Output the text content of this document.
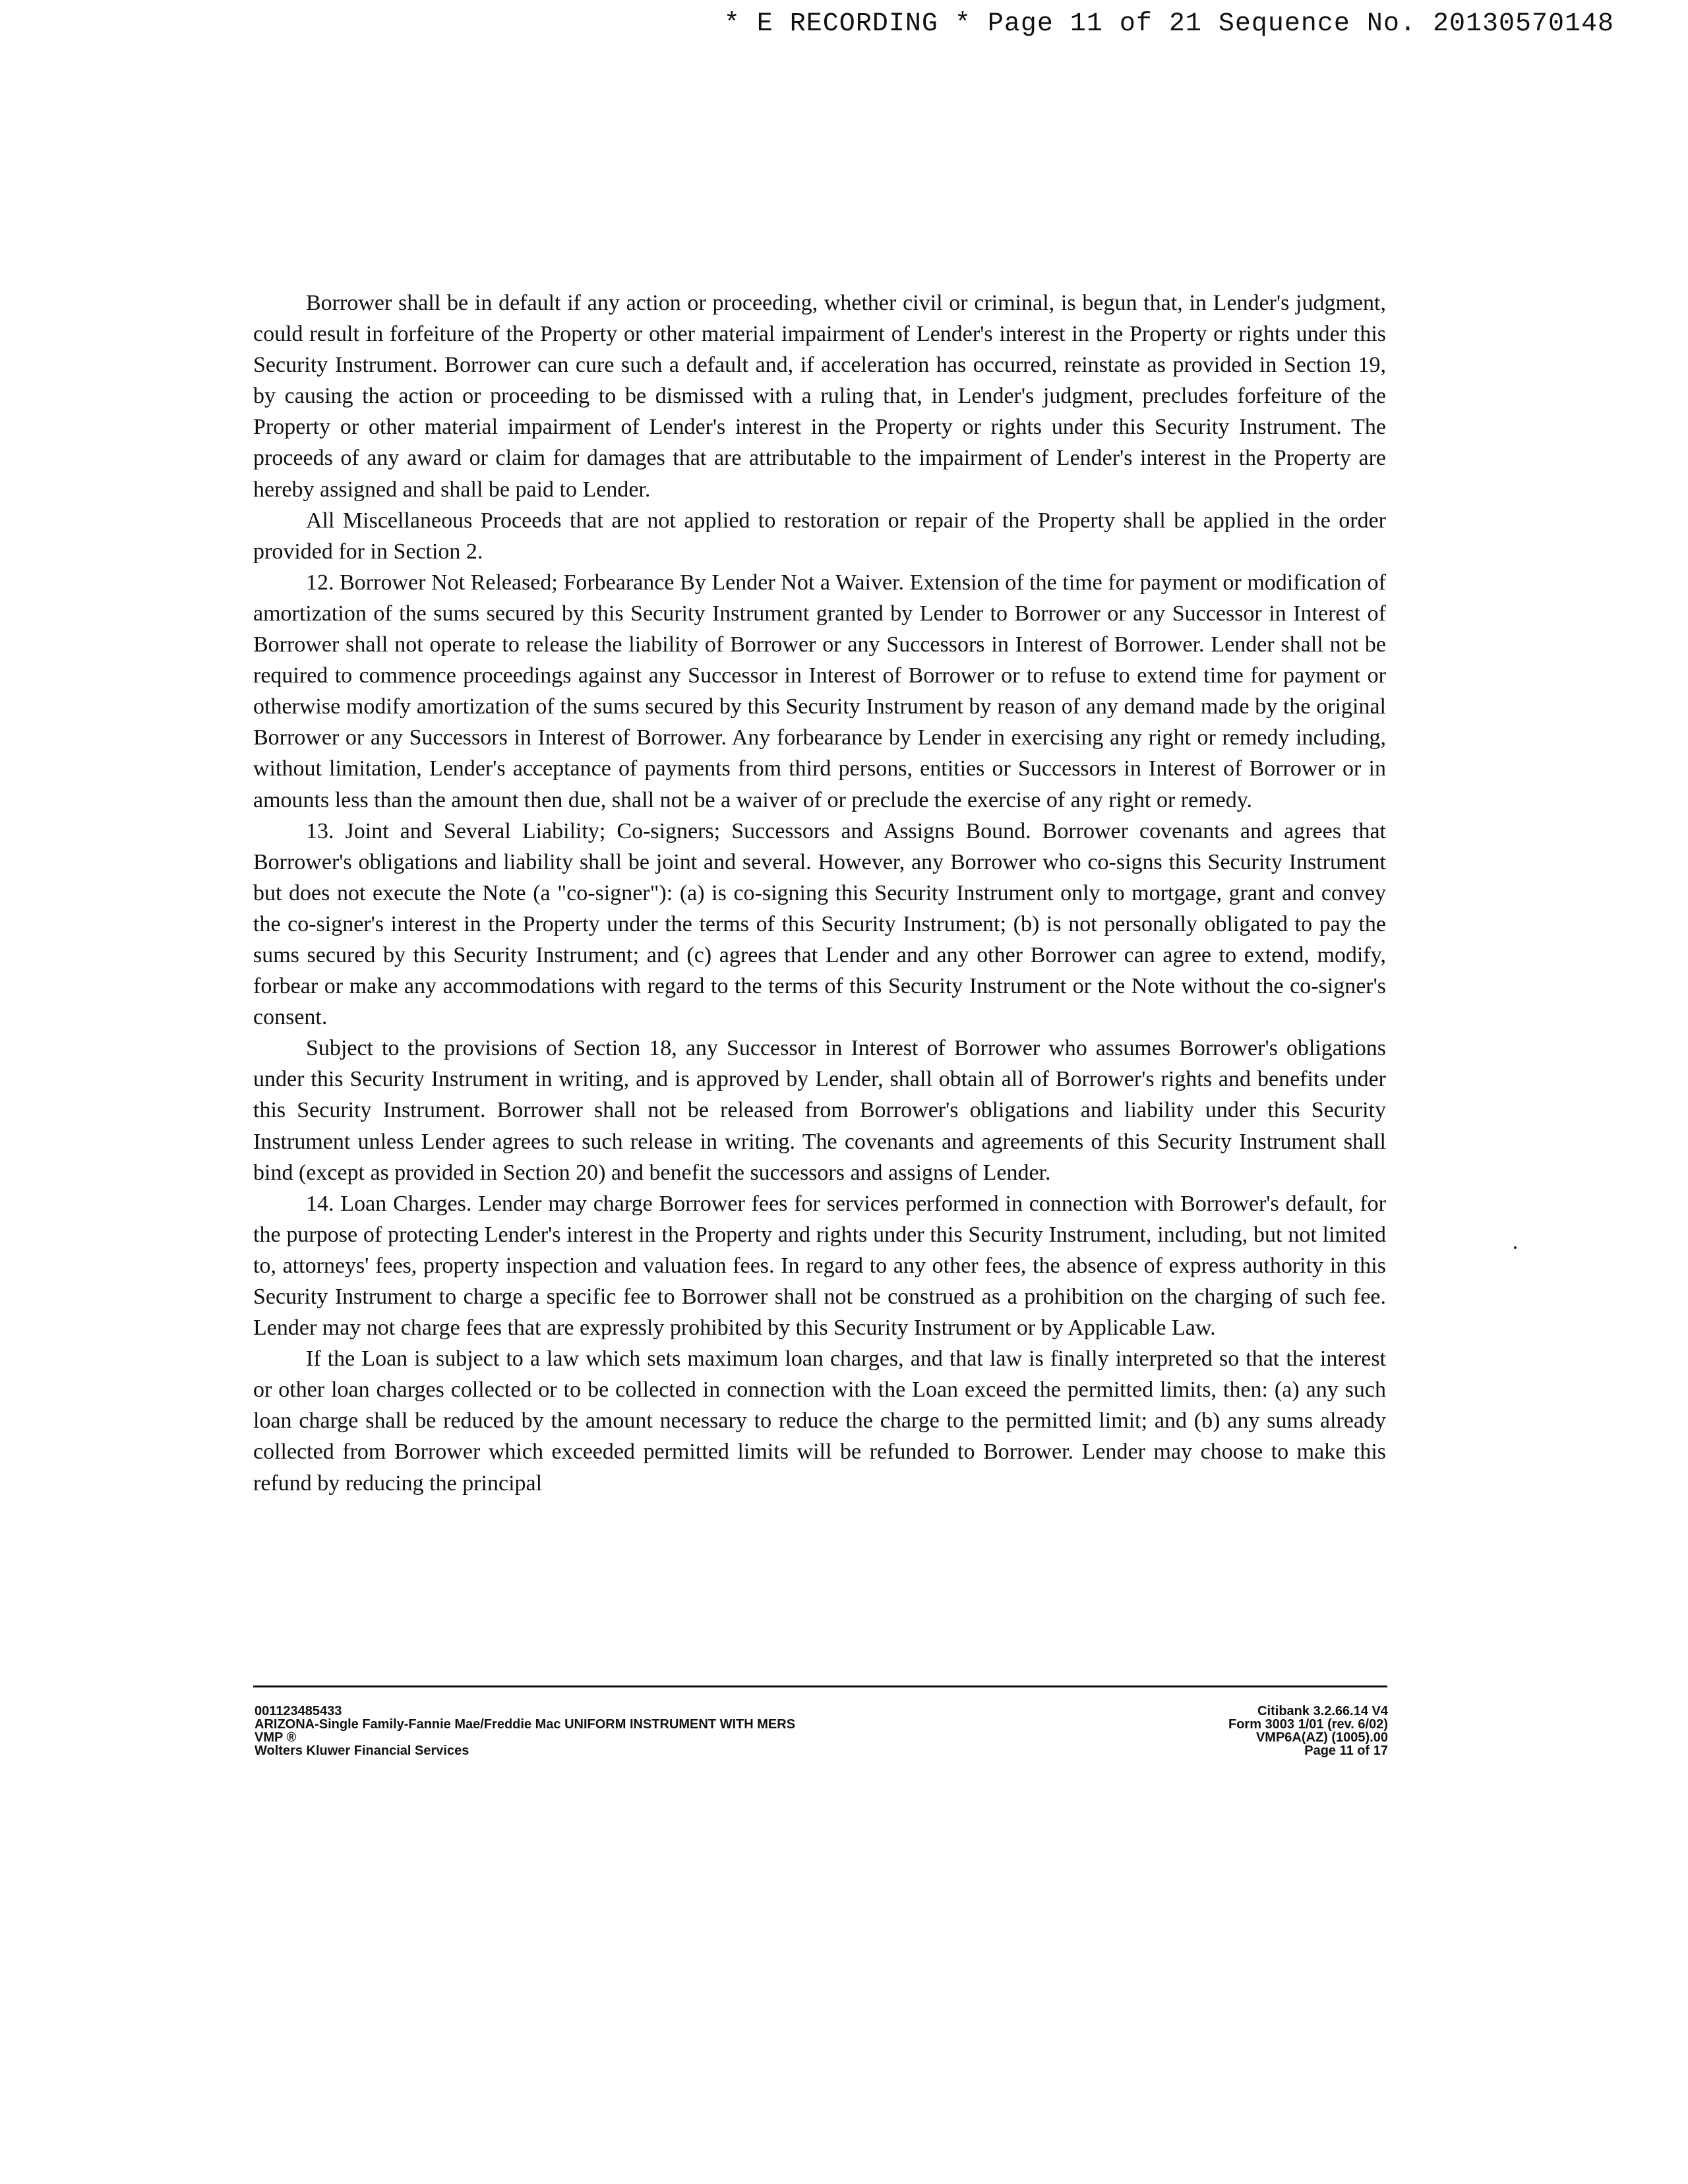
* E RECORDING * Page 11 of 21 Sequence No. 20130570148

Borrower shall be in default if any action or proceeding, whether civil or criminal, is begun that, in Lender's judgment, could result in forfeiture of the Property or other material impairment of Lender's interest in the Property or rights under this Security Instrument. Borrower can cure such a default and, if acceleration has occurred, reinstate as provided in Section 19, by causing the action or proceeding to be dismissed with a ruling that, in Lender's judgment, precludes forfeiture of the Property or other material impairment of Lender's interest in the Property or rights under this Security Instrument. The proceeds of any award or claim for damages that are attributable to the impairment of Lender's interest in the Property are hereby assigned and shall be paid to Lender.

All Miscellaneous Proceeds that are not applied to restoration or repair of the Property shall be applied in the order provided for in Section 2.

12. Borrower Not Released; Forbearance By Lender Not a Waiver. Extension of the time for payment or modification of amortization of the sums secured by this Security Instrument granted by Lender to Borrower or any Successor in Interest of Borrower shall not operate to release the liability of Borrower or any Successors in Interest of Borrower. Lender shall not be required to commence proceedings against any Successor in Interest of Borrower or to refuse to extend time for payment or otherwise modify amortization of the sums secured by this Security Instrument by reason of any demand made by the original Borrower or any Successors in Interest of Borrower. Any forbearance by Lender in exercising any right or remedy including, without limitation, Lender's acceptance of payments from third persons, entities or Successors in Interest of Borrower or in amounts less than the amount then due, shall not be a waiver of or preclude the exercise of any right or remedy.

13. Joint and Several Liability; Co-signers; Successors and Assigns Bound. Borrower covenants and agrees that Borrower's obligations and liability shall be joint and several. However, any Borrower who co-signs this Security Instrument but does not execute the Note (a "co-signer"): (a) is co-signing this Security Instrument only to mortgage, grant and convey the co-signer's interest in the Property under the terms of this Security Instrument; (b) is not personally obligated to pay the sums secured by this Security Instrument; and (c) agrees that Lender and any other Borrower can agree to extend, modify, forbear or make any accommodations with regard to the terms of this Security Instrument or the Note without the co-signer's consent.

Subject to the provisions of Section 18, any Successor in Interest of Borrower who assumes Borrower's obligations under this Security Instrument in writing, and is approved by Lender, shall obtain all of Borrower's rights and benefits under this Security Instrument. Borrower shall not be released from Borrower's obligations and liability under this Security Instrument unless Lender agrees to such release in writing. The covenants and agreements of this Security Instrument shall bind (except as provided in Section 20) and benefit the successors and assigns of Lender.

14. Loan Charges. Lender may charge Borrower fees for services performed in connection with Borrower's default, for the purpose of protecting Lender's interest in the Property and rights under this Security Instrument, including, but not limited to, attorneys' fees, property inspection and valuation fees. In regard to any other fees, the absence of express authority in this Security Instrument to charge a specific fee to Borrower shall not be construed as a prohibition on the charging of such fee. Lender may not charge fees that are expressly prohibited by this Security Instrument or by Applicable Law.

If the Loan is subject to a law which sets maximum loan charges, and that law is finally interpreted so that the interest or other loan charges collected or to be collected in connection with the Loan exceed the permitted limits, then: (a) any such loan charge shall be reduced by the amount necessary to reduce the charge to the permitted limit; and (b) any sums already collected from Borrower which exceeded permitted limits will be refunded to Borrower. Lender may choose to make this refund by reducing the principal

001123485433
ARIZONA-Single Family-Fannie Mae/Freddie Mac UNIFORM INSTRUMENT WITH MERS
VMP ®
Wolters Kluwer Financial Services
Citibank 3.2.66.14 V4
Form 3003 1/01 (rev. 6/02)
VMP6A(AZ) (1005).00
Page 11 of 17
